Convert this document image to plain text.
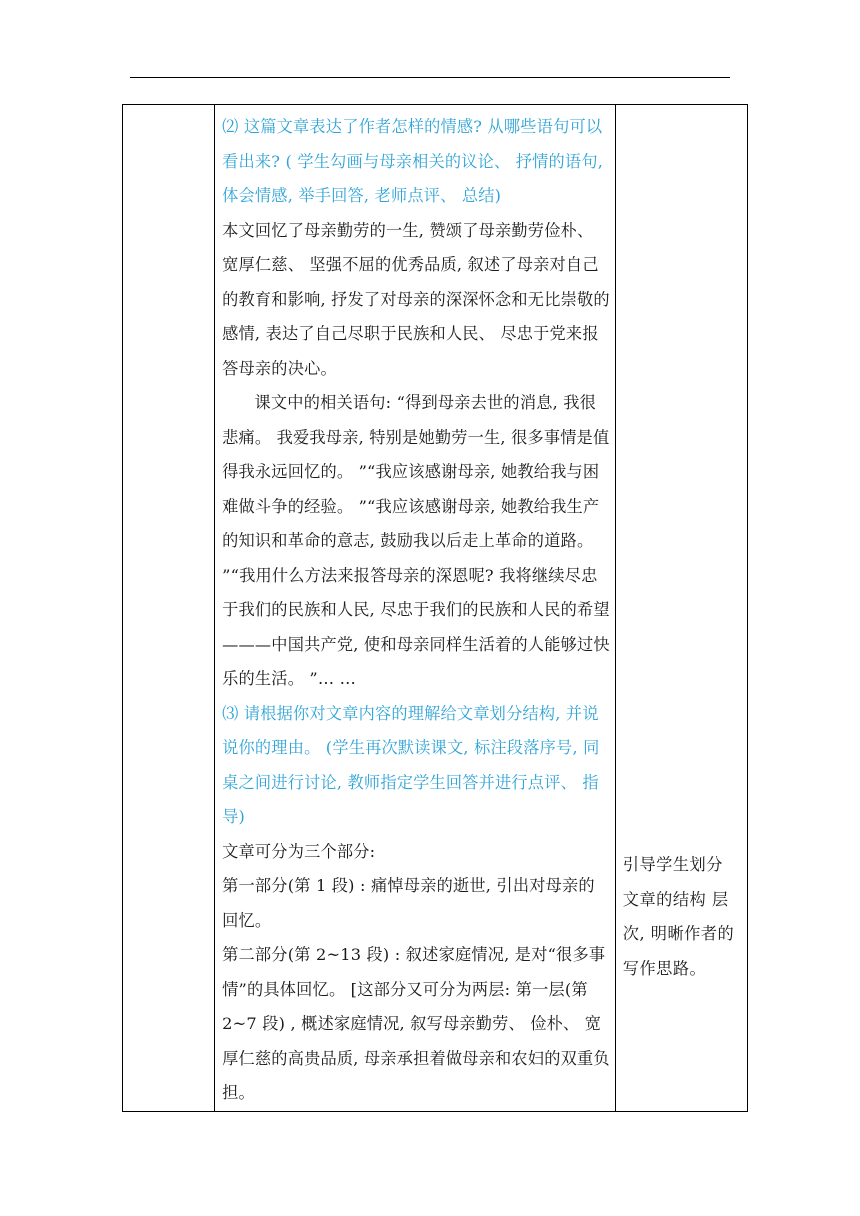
⑵ 这篇文章表达了作者怎样的情感? 从哪些语句可以看出来? ( 学生勾画与母亲相关的议论、 抒情的语句, 体会情感, 举手回答, 老师点评、 总结)

本文回忆了母亲勤劳的一生, 赞颂了母亲勤劳俭朴、 宽厚仁慈、 坚强不屈的优秀品质, 叙述了母亲对自己的教育和影响, 抒发了对母亲的深深怀念和无比崇敬的感情, 表达了自己尽职于民族和人民、 尽忠于党来报答母亲的决心。

课文中的相关语句: “得到母亲去世的消息, 我很悲痛。 我爱我母亲, 特别是她勤劳一生, 很多事情是值得我永远回忆的。 ”“我应该感谢母亲, 她教给我与困难做斗争的经验。 ”“我应该感谢母亲, 她教给我生产的知识和革命的意志, 鼓励我以后走上革命的道路。 ”“我用什么方法来报答母亲的深恩呢? 我将继续尽忠于我们的民族和人民, 尽忠于我们的民族和人民的希望———中国共产党, 使和母亲同样生活着的人能够过快乐的生活。 ”… …

⑶ 请根据你对文章内容的理解给文章划分结构, 并说说你的理由。 (学生再次默读课文, 标注段落序号, 同桌之间进行讨论, 教师指定学生回答并进行点评、 指导)

文章可分为三个部分:

第一部分(第 1 段) : 痛悼母亲的逝世, 引出对母亲的回忆。

第二部分(第 2~13 段) : 叙述家庭情况, 是对“很多事情”的具体回忆。 [这部分又可分为两层: 第一层(第 2~7 段) , 概述家庭情况, 叙写母亲勤劳、 俭朴、 宽厚仁慈的高贵品质, 母亲承担着做母亲和农妇的双重负担。

引导学生划分文章的结构 层 次, 明晰作者的写作思路。
